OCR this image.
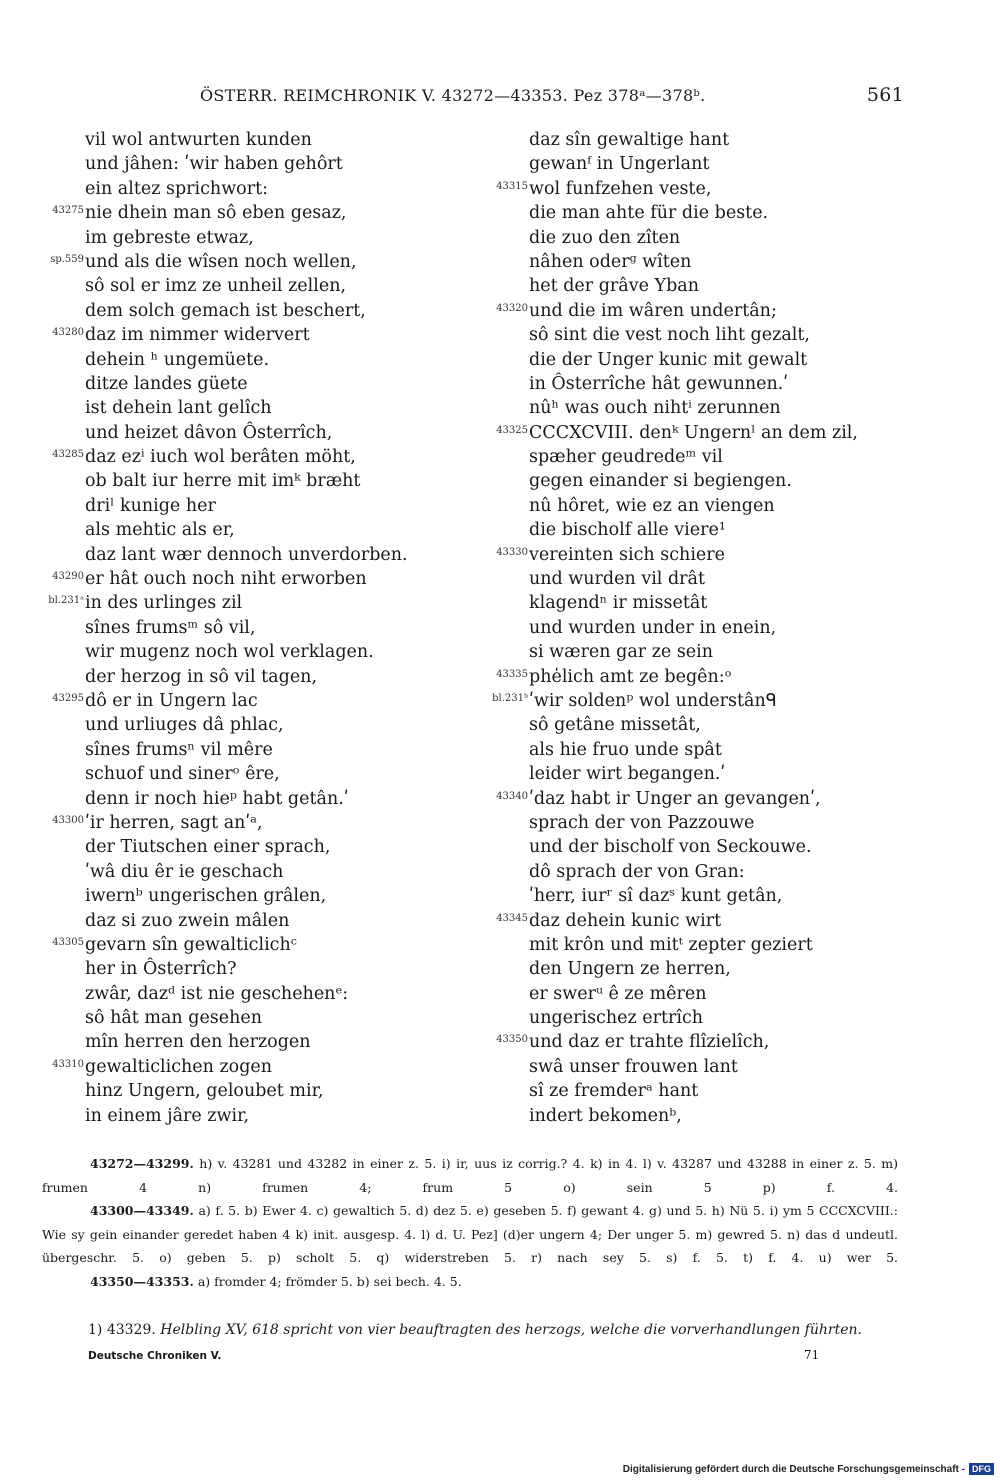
ÖSTERR. REIMCHRONIK V. 43272—43353. Pez 378ᵃ—378ᵇ.	561
vil wol antwurten kunden
und jâhen: ʹwir haben gehôrt
ein altez sprichwort:
43275 nie dhein man sô eben gesaz,
im gebreste etwaz,
sp.559 und als die wîsen noch wellen,
sô sol er imz ze unheil zellen,
dem solch gemach ist beschert,
43280 daz im nimmer widervert
dehein ʰ ungemüete.
ditze landes güete
ist dehein lant gelîch
und heizet dâvon Ôsterrîch,
43285 daz ezⁱ iuch wol berâten möht,
ob balt iur herre mit imᵏ bræht
driˡ kunige her
als mehtic als er,
daz lant wær dennoch unverdorben.
43290 er hât ouch noch niht erworben
bl.231ᵃ in des urlinges zil
sînes frumsᵐ sô vil,
wir mugenz noch wol verklagen.
der herzog in sô vil tagen,
43295 dô er in Ungern lac
und urliuges dâ phlac,
sînes frumsⁿ vil mêre
schuof und sinerᵒ êre,
denn ir noch hieᵖ habt getân.ʹ
43300 ʹir herren, sagt anʹᵃ,
der Tiutschen einer sprach,
ʹwâ diu êr ie geschach
iwernᵇ ungerischen grâlen,
daz si zuo zwein mâlen
43305 gevarn sîn gewalticlichᶜ
her in Ôsterrîch?
zwâr, dazᵈ ist nie geschehenᵉ:
sô hât man gesehen
mîn herren den herzogen
43310 gewalticlichen zogen
hinz Ungern, geloubet mir,
in einem jâre zwir,
daz sîn gewaltige hant
gewanᶠ in Ungerlant
43315 wol funfzehen veste,
die man ahte für die beste.
die zuo den zîten
nâhen oderᵍ wîten
het der grâve Yban
43320 und die im wâren undertân;
sô sint die vest noch liht gezalt,
die der Unger kunic mit gewalt
in Ôsterrîche hât gewunnen.ʹ
nûʰ was ouch nihtⁱ zerunnen
43325 CCCXCVIII. denᵏ Ungernˡ an dem zil,
spæher geudredeᵐ vil
gegen einander si begiengen.
nû hôret, wie ez an viengen
die bischolf alle viere¹
43330 vereinten sich schiere
und wurden vil drât
klagendⁿ ir missetât
und wurden under in enein,
si wæren gar ze sein
43335 phe̍lich amt ze begên:ᵒ
bl.231ᵇ ʹwir soldenᵖ wol understânᑫ
sô getâne missetât,
als hie fruo unde spât
leider wirt begangen.ʹ
43340 ʹdaz habt ir Unger an gevangenʹ,
sprach der von Pazzouwe
und der bischolf von Seckouwe.
dô sprach der von Gran:
ʹherr, iurʳ sî dazˢ kunt getân,
43345 daz dehein kunic wirt
mit krôn und mitᵗ zepter geziert
den Ungern ze herren,
er swerᵘ ê ze mêren
ungerischez ertrîch
43350 und daz er trahte flîzielîch,
swâ unser frouwen lant
sî ze fremderᵃ hant
indert bekomenᵇ,

43272—43299. h) v. 43281 und 43282 in einer z. 5. i) ir, uus iz corrig.? 4. k) in 4. l) v. 43287 und 43288 in einer z. 5. m) frumen 4 n) frumen 4; frum 5 o) sein 5 p) f. 4.

43300—43349. a) f. 5. b) Ewer 4. c) gewaltich 5. d) dez 5. e) geseben 5. f) gewant 4. g) und 5. h) Nü 5. i) ym 5 CCCXCVIII.: Wie sy gein einander geredet haben 4 k) init. ausgesp. 4. l) d. U. Pez] (d)er ungern 4; Der unger 5. m) gewred 5. n) das d undeutl. übergeschr. 5. o) geben 5. p) scholt 5. q) widerstreben 5. r) nach sey 5. s) f. 5. t) f. 4. u) wer 5.

43350—43353. a) fromder 4; frömder 5. b) sei bech. 4. 5.

1) 43329. Helbling XV, 618 spricht von vier beauftragten des herzogs, welche die vorverhandlungen führten.
Deutsche Chroniken V.	71
Digitalisierung gefördert durch die Deutsche Forschungsgemeinschaft - DFG
